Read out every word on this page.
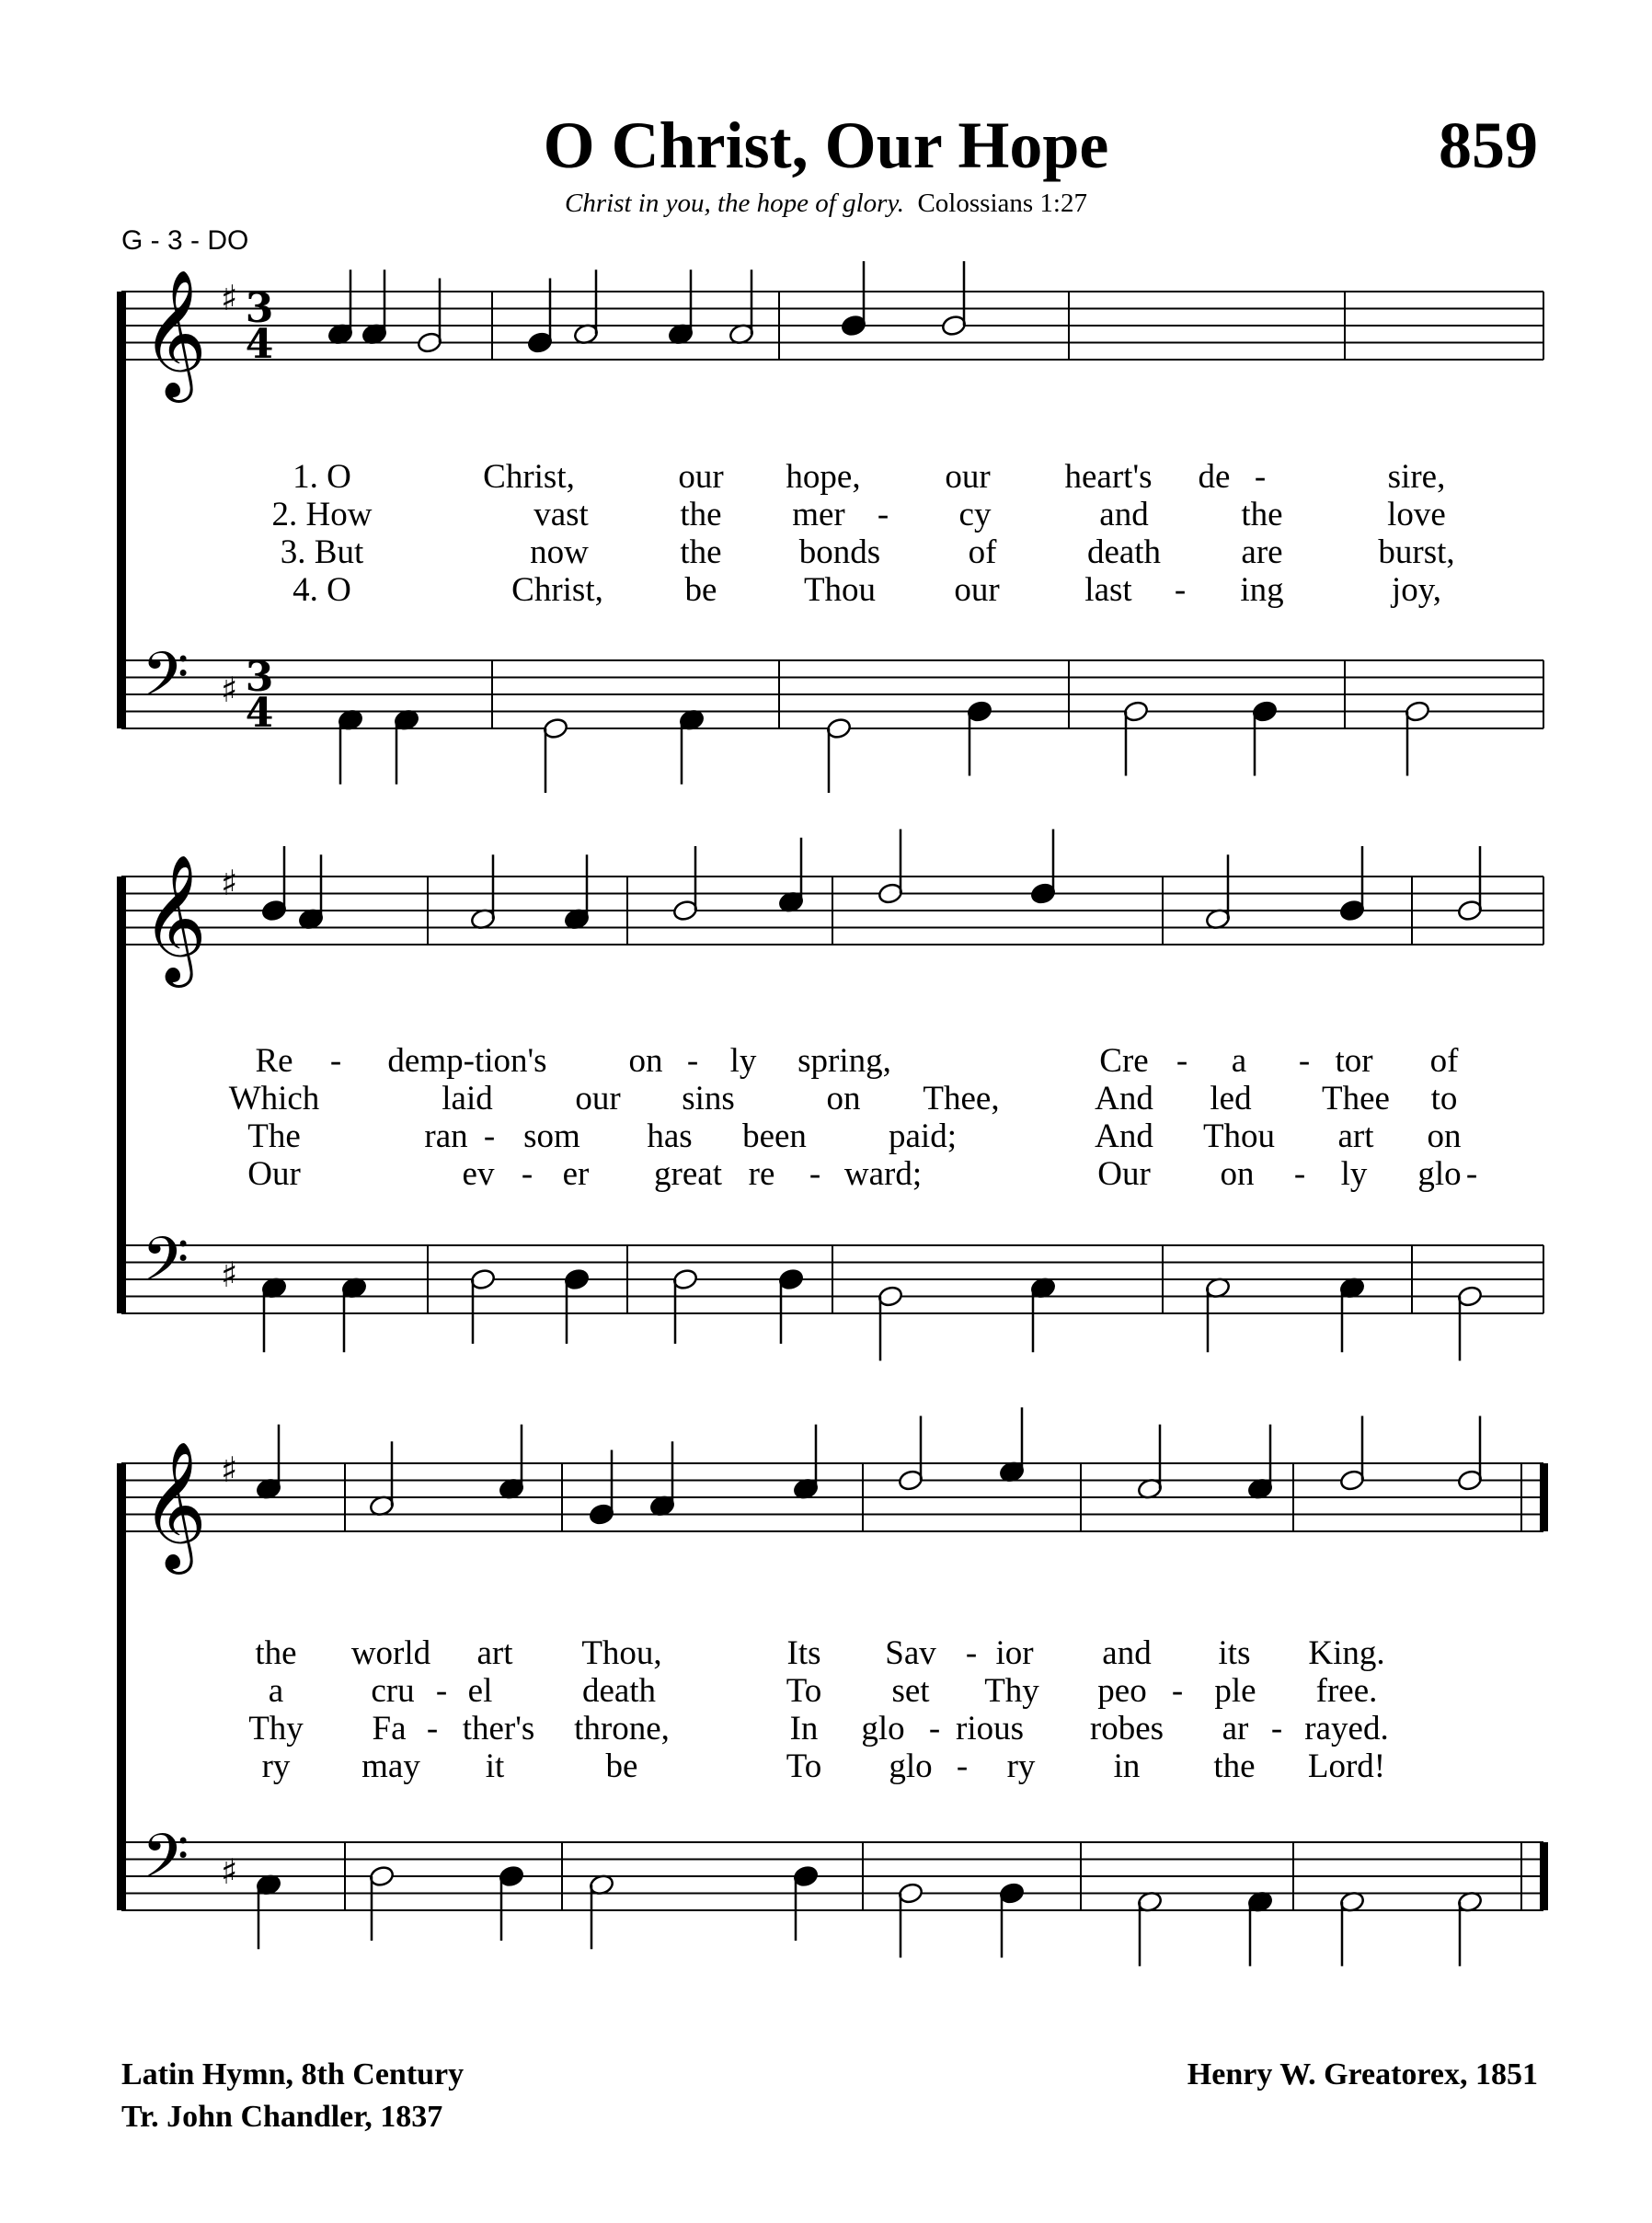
O Christ, Our Hope	859
Christ in you, the hope of glory. Colossians 1:27
G - 3 - DO
𝄞 ♯
𝄢 ♯
3
4
3
4
𝄞 ♯
𝄢 ♯
𝄞 ♯
𝄢 ♯
1. O	Christ,	our hope, our heart's de -	sire,
2. How	vast	the mer - cy	and	the	love
3. But	now	the bonds	of	death are	burst,
4. O	Christ, be	Thou our	last - ing	joy,
Re - demp-tion's on - ly spring,	Cre - a - tor of
Which	laid our sins	on Thee,	And led Thee to
The	ran - som has been paid;	And Thou art on
Our	ev - er great re - ward;	Our on - ly glo -
the world art Thou,	Its Sav - ior and its King.
a	cru - el	death	To set Thy peo - ple free.
Thy Fa - ther's throne,	In glo - rious robes ar - rayed.
ry may it	be	To glo - ry in the Lord!
Latin Hymn, 8th Century
Tr. John Chandler, 1837
Henry W. Greatorex, 1851
